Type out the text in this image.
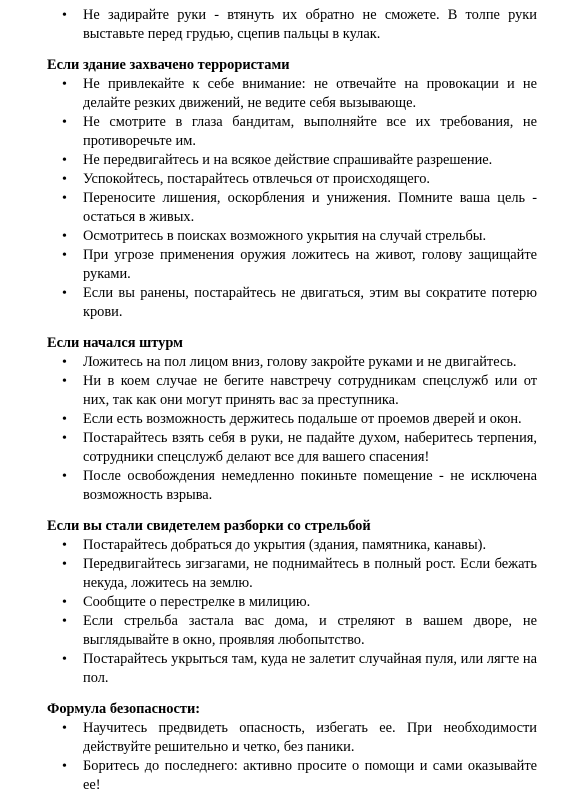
• Не задирайте руки - втянуть их обратно не сможете. В толпе руки выставьте перед грудью, сцепив пальцы в кулак.
Если здание захвачено террористами
• Не привлекайте к себе внимание: не отвечайте на провокации и не делайте резких движений, не ведите себя вызывающе.
• Не смотрите в глаза бандитам, выполняйте все их требования, не противоречьте им.
• Не передвигайтесь и на всякое действие спрашивайте разрешение.
• Успокойтесь, постарайтесь отвлечься от происходящего.
• Переносите лишения, оскорбления и унижения. Помните ваша цель - остаться в живых.
• Осмотритесь в поисках возможного укрытия на случай стрельбы.
• При угрозе применения оружия ложитесь на живот, голову защищайте руками.
• Если вы ранены, постарайтесь не двигаться, этим вы сократите потерю крови.
Если начался штурм
• Ложитесь на пол лицом вниз, голову закройте руками и не двигайтесь.
• Ни в коем случае не бегите навстречу сотрудникам спецслужб или от них, так как они могут принять вас за преступника.
• Если есть возможность держитесь подальше от проемов дверей и окон.
• Постарайтесь взять себя в руки, не падайте духом, наберитесь терпения, сотрудники спецслужб делают все для вашего спасения!
• После освобождения немедленно покиньте помещение - не исключена возможность взрыва.
Если вы стали свидетелем разборки со стрельбой
• Постарайтесь добраться до укрытия (здания, памятника, канавы).
• Передвигайтесь зигзагами, не поднимайтесь в полный рост. Если бежать некуда, ложитесь на землю.
• Сообщите о перестрелке в милицию.
• Если стрельба застала вас дома, и стреляют в вашем дворе, не выглядывайте в окно, проявляя любопытство.
• Постарайтесь укрыться там, куда не залетит случайная пуля, или лягте на пол.
Формула безопасности:
• Научитесь предвидеть опасность, избегать ее. При необходимости действуйте решительно и четко, без паники.
• Боритесь до последнего: активно просите о помощи и сами оказывайте ее!
